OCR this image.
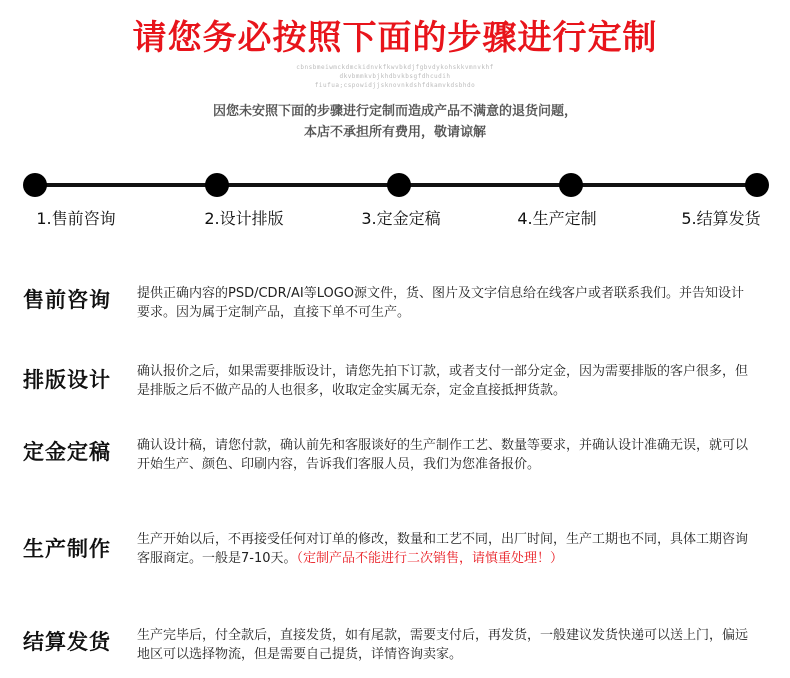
请您务必按照下面的步骤进行定制
cbnsbmeiwmckdmckidnvkfkwvbkdjfgbvdykohskkvmnvkhf
dkvbmmkvbjkhdbvkbsgfdhcudih
fiufua;cspowidjjsknovnkdshfdkamvkdsbhdo
因您未安照下面的步骤进行定制而造成产品不满意的退货问题，
本店不承担所有费用，敬请谅解
1.售前咨询	2.设计排版	3.定金定稿	4.生产定制	5.结算发货
售前咨询 提供正确内容的PSD/CDR/AI等LOGO源文件，货、图片及文字信息给在线客户或者联系我们。并告知设计要求。因为属于定制产品，直接下单不可生产。
排版设计 确认报价之后，如果需要排版设计，请您先拍下订款，或者支付一部分定金，因为需要排版的客户很多，但是排版之后不做产品的人也很多，收取定金实属无奈，定金直接抵押货款。
定金定稿 确认设计稿，请您付款，确认前先和客服谈好的生产制作工艺、数量等要求，并确认设计准确无误，就可以开始生产、颜色、印刷内容，告诉我们客服人员，我们为您准备报价。
生产制作 生产开始以后，不再接受任何对订单的修改，数量和工艺不同，出厂时间，生产工期也不同，具体工期咨询客服商定。一般是7-10天。（定制产品不能进行二次销售，请慎重处理！）
结算发货 生产完毕后，付全款后，直接发货，如有尾款，需要支付后，再发货，一般建议发货快递可以送上门，偏远地区可以选择物流，但是需要自己提货，详情咨询卖家。
